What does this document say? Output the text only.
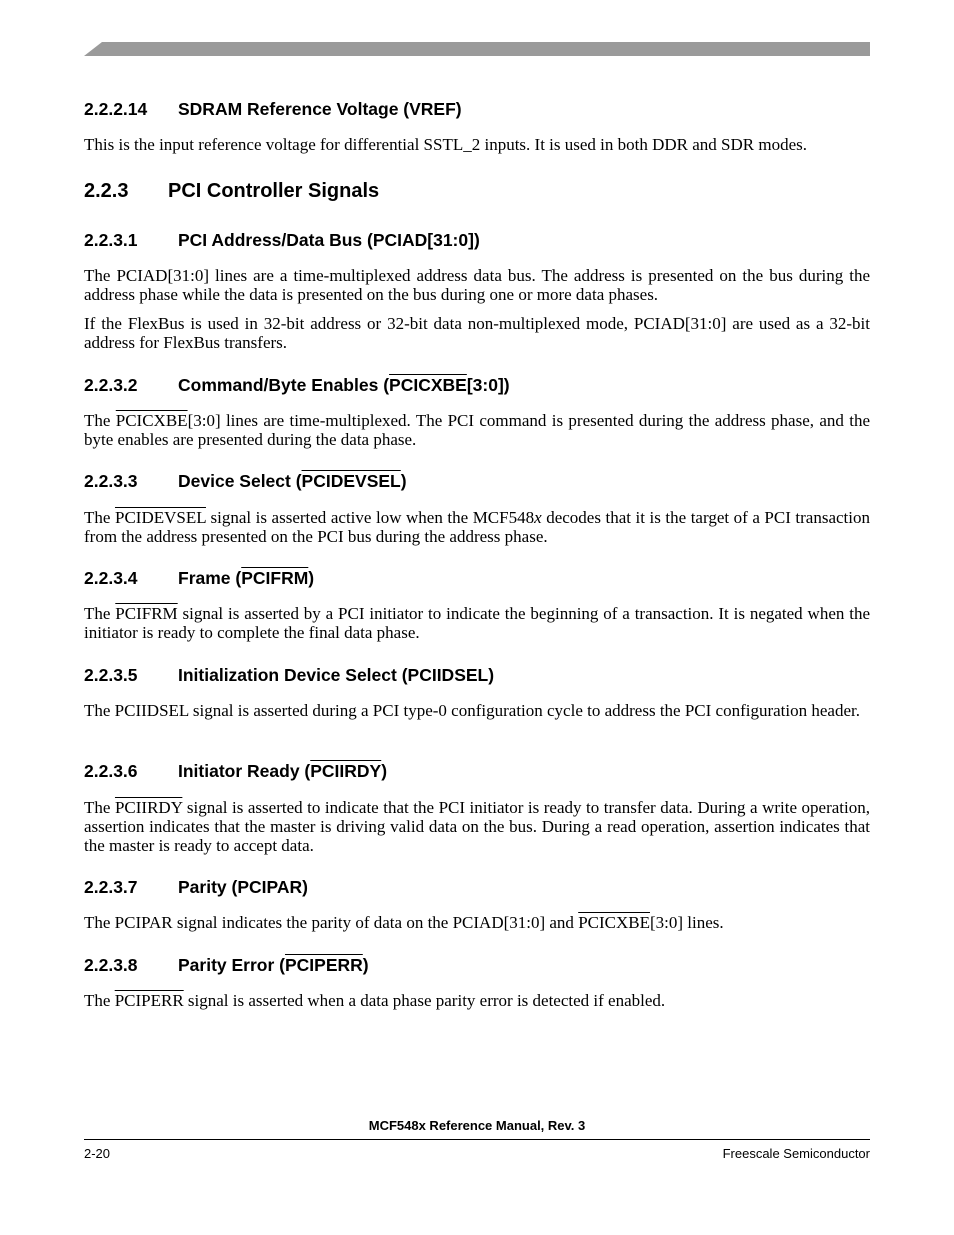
2.2.2.14 SDRAM Reference Voltage (VREF)

This is the input reference voltage for differential SSTL_2 inputs. It is used in both DDR and SDR modes.

2.2.3 PCI Controller Signals
2.2.3.1 PCI Address/Data Bus (PCIAD[31:0])

The PCIAD[31:0] lines are a time-multiplexed address data bus. The address is presented on the bus during the address phase while the data is presented on the bus during one or more data phases.

If the FlexBus is used in 32-bit address or 32-bit data non-multiplexed mode, PCIAD[31:0] are used as a 32-bit address for FlexBus transfers.

2.2.3.2 Command/Byte Enables (PCICXBE[3:0])

The PCICXBE[3:0] lines are time-multiplexed. The PCI command is presented during the address phase, and the byte enables are presented during the data phase.

2.2.3.3 Device Select (PCIDEVSEL)

The PCIDEVSEL signal is asserted active low when the MCF548x decodes that it is the target of a PCI transaction from the address presented on the PCI bus during the address phase.

2.2.3.4 Frame (PCIFRM)

The PCIFRM signal is asserted by a PCI initiator to indicate the beginning of a transaction. It is negated when the initiator is ready to complete the final data phase.

2.2.3.5 Initialization Device Select (PCIIDSEL)

The PCIIDSEL signal is asserted during a PCI type-0 configuration cycle to address the PCI configuration header.

2.2.3.6 Initiator Ready (PCIIRDY)

The PCIIRDY signal is asserted to indicate that the PCI initiator is ready to transfer data. During a write operation, assertion indicates that the master is driving valid data on the bus. During a read operation, assertion indicates that the master is ready to accept data.

2.2.3.7 Parity (PCIPAR)

The PCIPAR signal indicates the parity of data on the PCIAD[31:0] and PCICXBE[3:0] lines.

2.2.3.8 Parity Error (PCIPERR)

The PCIPERR signal is asserted when a data phase parity error is detected if enabled.

MCF548x Reference Manual, Rev. 3
2-20	Freescale Semiconductor
